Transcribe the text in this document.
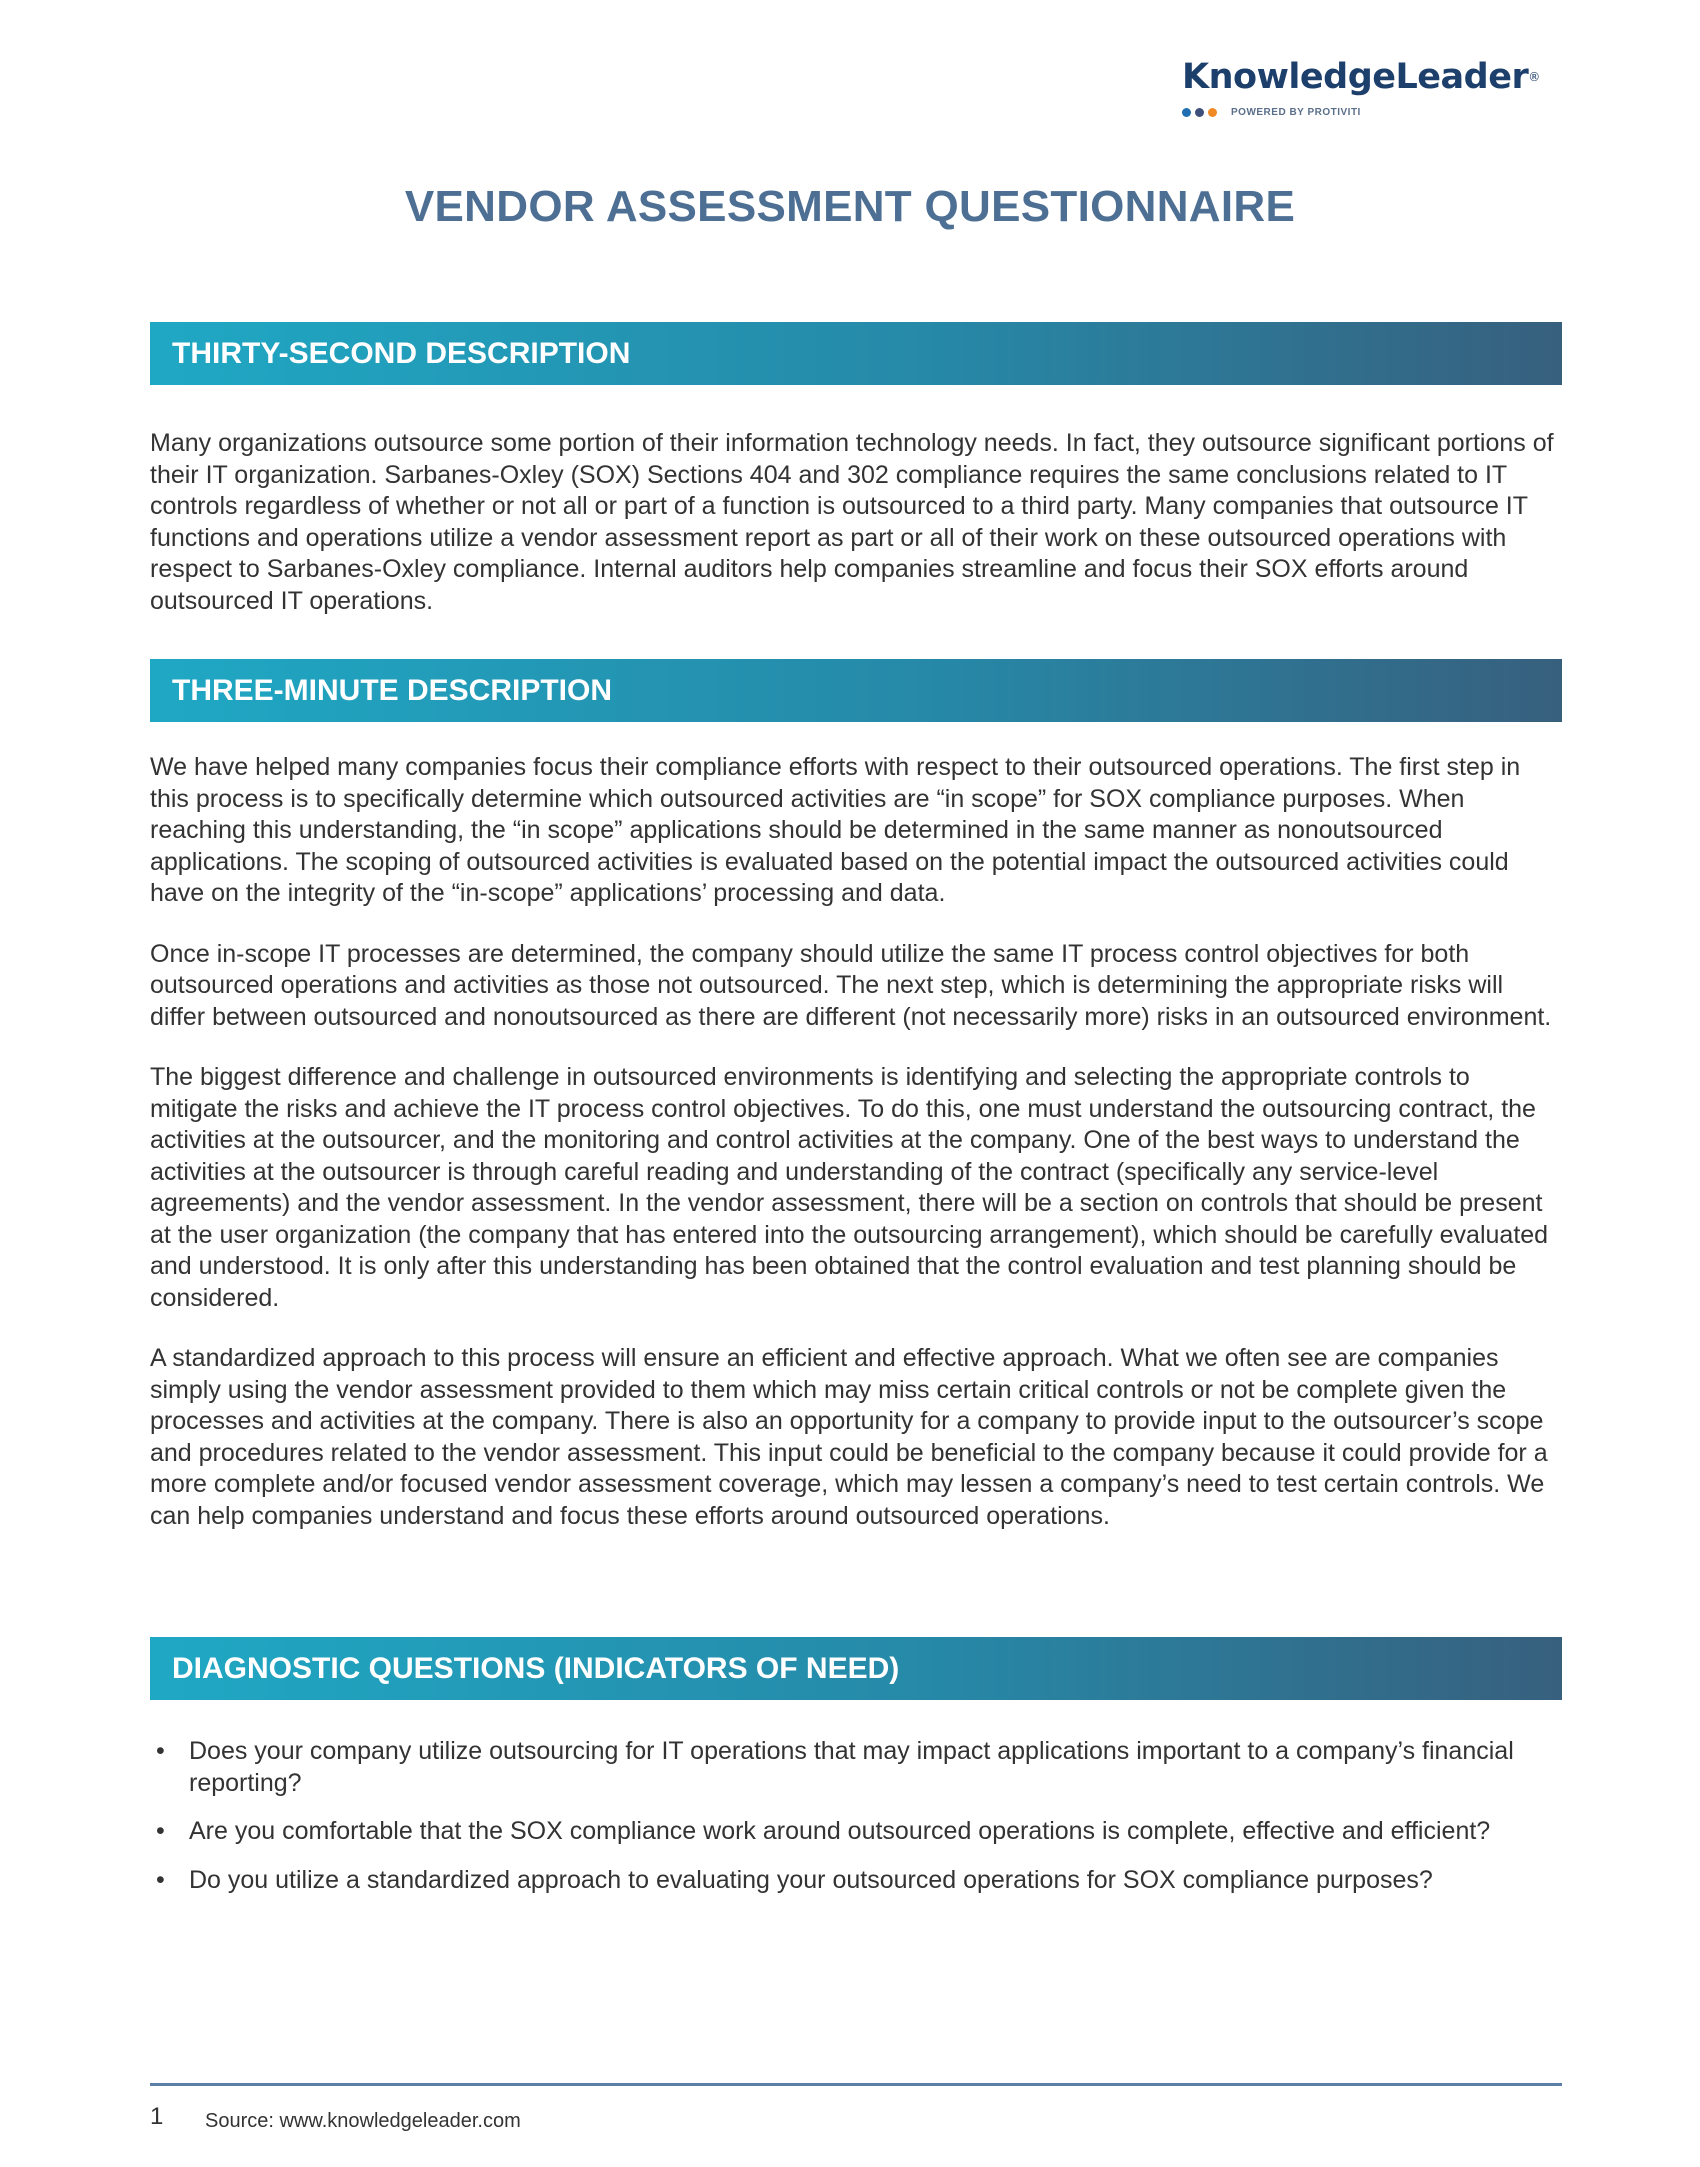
KnowledgeLeader®
POWERED BY PROTIVITI
VENDOR ASSESSMENT QUESTIONNAIRE
THIRTY-SECOND DESCRIPTION

Many organizations outsource some portion of their information technology needs. In fact, they outsource significant portions of their IT organization. Sarbanes-Oxley (SOX) Sections 404 and 302 compliance requires the same conclusions related to IT controls regardless of whether or not all or part of a function is outsourced to a third party. Many companies that outsource IT functions and operations utilize a vendor assessment report as part or all of their work on these outsourced operations with respect to Sarbanes-Oxley compliance. Internal auditors help companies streamline and focus their SOX efforts around outsourced IT operations.

THREE-MINUTE DESCRIPTION

We have helped many companies focus their compliance efforts with respect to their outsourced operations. The first step in this process is to specifically determine which outsourced activities are “in scope” for SOX compliance purposes. When reaching this understanding, the “in scope” applications should be determined in the same manner as nonoutsourced applications. The scoping of outsourced activities is evaluated based on the potential impact the outsourced activities could have on the integrity of the “in-scope” applications’ processing and data.

Once in-scope IT processes are determined, the company should utilize the same IT process control objectives for both outsourced operations and activities as those not outsourced. The next step, which is determining the appropriate risks will differ between outsourced and nonoutsourced as there are different (not necessarily more) risks in an outsourced environment.

The biggest difference and challenge in outsourced environments is identifying and selecting the appropriate controls to mitigate the risks and achieve the IT process control objectives. To do this, one must understand the outsourcing contract, the activities at the outsourcer, and the monitoring and control activities at the company. One of the best ways to understand the activities at the outsourcer is through careful reading and understanding of the contract (specifically any service-level agreements) and the vendor assessment. In the vendor assessment, there will be a section on controls that should be present at the user organization (the company that has entered into the outsourcing arrangement), which should be carefully evaluated and understood. It is only after this understanding has been obtained that the control evaluation and test planning should be considered.

A standardized approach to this process will ensure an efficient and effective approach. What we often see are companies simply using the vendor assessment provided to them which may miss certain critical controls or not be complete given the processes and activities at the company. There is also an opportunity for a company to provide input to the outsourcer’s scope and procedures related to the vendor assessment. This input could be beneficial to the company because it could provide for a more complete and/or focused vendor assessment coverage, which may lessen a company’s need to test certain controls. We can help companies understand and focus these efforts around outsourced operations.

DIAGNOSTIC QUESTIONS (INDICATORS OF NEED)
• Does your company utilize outsourcing for IT operations that may impact applications important to a company’s financial reporting?
• Are you comfortable that the SOX compliance work around outsourced operations is complete, effective and efficient?
• Do you utilize a standardized approach to evaluating your outsourced operations for SOX compliance purposes?
1 Source: www.knowledgeleader.com
